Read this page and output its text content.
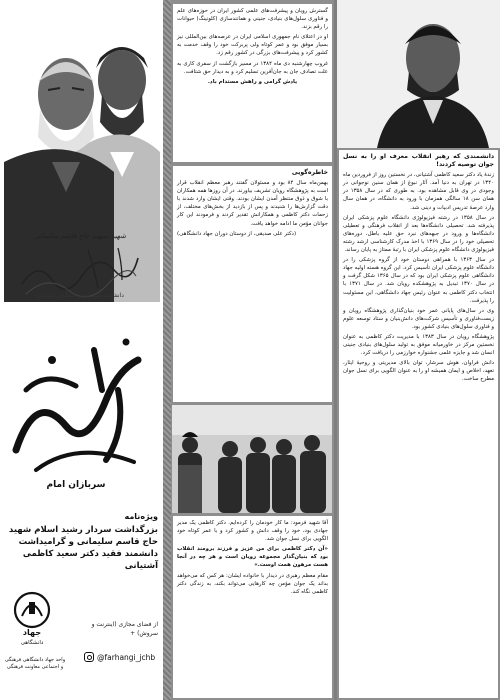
دانشمند فقید سعید کاظمی آشتیانی
شهید سپهبد حاج قاسم سلیمانی
سربازان امام
ویژه‌نامه
بزرگداشت سردار رشید اسلام شهید حاج قاسم سلیمانی و گرامیداشت دانشمند فقید دکتر سعید کاظمی آشتیانی
جهاد
دانشگاهی
واحد جهاد دانشگاهی فرهنگی و اجتماعی معاونت فرهنگی
از فضای مجازی (اینترنت و سروش) +
@farhangi_jchb

دانشمندی که رهبر انقلاب معرف او را به نسل جوان توصیه کردند!

زندۀ یاد دکتر سعید کاظمی آشتیانی، در نخستین روز از فروردین ماه ۱۳۴۰ در تهران به دنیا آمد. آثار نبوغ از همان سنین نوجوانی در وجودی در وی قابل مشاهده بود. به طوری که در سال ۱۳۵۸ در همان سن ۱۸ سالگی همزمان با ورود به دانشگاه، در همان سال وارد عرصۀ تدریس ادبیات و دینی شد.

در سال ۱۳۵۸ در رشته فیزیولوژی دانشگاه علوم پزشکی ایران پذیرفته شد. تحصیلی دانشگاه‌ها بعد از انقلاب فرهنگی و تعطیلی دانشگاه‌ها و ورود در جبهه‌های نبرد حق علیه باطل، دوره‌های تحصیلی خود را در سال ۱۳۶۹ با اخذ مدرک کارشناسی ارشد رشته فیزیولوژی دانشگاه علوم پزشکی ایران با رتبۀ ممتاز به پایان رساند.

در سال ۱۳۶۳ با همراهی دوستان خود از گروه پزشکی را در دانشگاه علوم پزشکی ایران تأسیس کرد. این گروه هسته اولیه جهاد دانشگاهی علوم پزشکی ایران بود که در سال ۱۳۶۵ شکل گرفت و در سال ۱۳۷۰ تبدیل به پژوهشکده رویان شد. در سال ۱۳۷۱ با انتخاب دکتر کاظمی به عنوان رئیس جهاد دانشگاهی، این مسئولیت را پذیرفت.

وی در سال‌های پایانی عمر خود بنیان‌گذاری پژوهشگاه رویان و زیست‌فناوری و تأسیس شرکت‌های دانش‌بنیان و ستاد توسعه علوم و فناوری سلول‌های بنیادی کشور بود.

پژوهشگاه رویان در سال ۱۳۸۳ با مدیریت دکتر کاظمی به عنوان نخستین مرکز در خاورمیانه موفق به تولید سلول‌های بنیادی جنینی انسان شد و جایزه علمی جشنواره خوارزمی را دریافت کرد.

دانش فراوان، هوش سرشار، توان بالای مدیریتی و روحیۀ ایثار، تعهد، اخلاص و ایمان همیشه او را به عنوان الگویی برای نسل جوان مطرح ساخت.

گسترش رویان و پیشرفت‌های علمی کشور ایران در حوزه‌های علم و فناوری سلول‌های بنیادی، جنینی و همانندسازی (کلونینگ) حیوانات را رقم بزند.

او در اعتلای نام جمهوری اسلامی ایران در عرصه‌های بین‌المللی نیز بسیار موفق بود و عمر کوتاه ولی پربرکت خود را وقف خدمت به کشور کرد و پیشرفت‌های بزرگی در کشور رقم زد.

غروب چهارشنبه دی ماه ۱۳۸۴ در مسیر بازگشت از سفری کاری به علت تصادف جان به جان‌آفرین تسلیم کرد و به دیدار حق شتافت.

یادش گرامی و راهش مستدام باد.

خاطره‌گویی

بهمن‌ماه سال ۸۴ بود و مسئولان گفتند رهبر معظم انقلاب قرار است به پژوهشگاه رویان تشریف بیاورند. در آن روزها همه همکاران با شوق و ذوق منتظر آمدن ایشان بودند. وقتی ایشان وارد شدند با دقت گزارش‌ها را شنیدند و پس از بازدید از بخش‌های مختلف، از زحمات دکتر کاظمی و همکارانش تقدیر کردند و فرمودند این کار جوانان مؤمن ما ادامه خواهد یافت.

(دکتر علی صدیقی، از دوستان دوران جهاد دانشگاهی)

آقا شهید فرمود: ما کار خودمان را کرده‌ایم. دکتر کاظمی یک مدیر جهادی بود، خود را وقف دانش و کشور کرد و با عمر کوتاه خود الگویی برای نسل جوان شد.

«آن دکتر کاظمی برای من عزیز و فرزند برومند انقلاب بود که بنیان‌گذار مجموعه رویان است و هر چه در آنجا هست مرهون همت اوست.»

مقام معظم رهبری در دیدار با خانواده ایشان: هر کس که می‌خواهد بداند یک جوان مؤمن چه کارهایی می‌تواند بکند، به زندگی دکتر کاظمی نگاه کند.
